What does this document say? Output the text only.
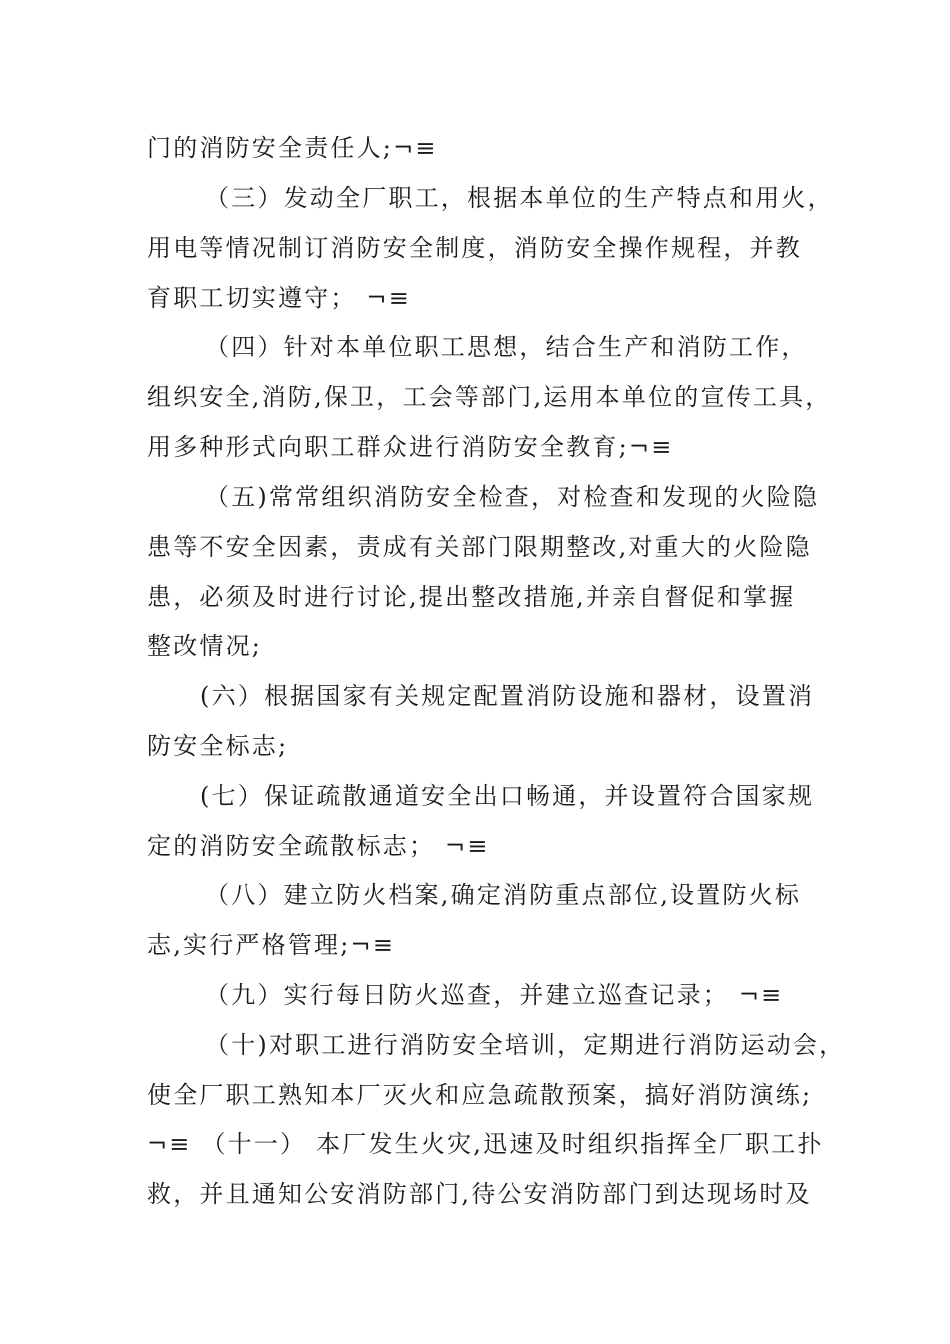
门的消防安全责任人;¬≡
（三）发动全厂职工，根据本单位的生产特点和用火，
用电等情况制订消防安全制度，消防安全操作规程，并教
育职工切实遵守； ¬≡
（四）针对本单位职工思想，结合生产和消防工作，
组织安全,消防,保卫，工会等部门,运用本单位的宣传工具，
用多种形式向职工群众进行消防安全教育;¬≡
（五)常常组织消防安全检查，对检查和发现的火险隐
患等不安全因素，责成有关部门限期整改,对重大的火险隐
患，必须及时进行讨论,提出整改措施,并亲自督促和掌握
整改情况;
(六）根据国家有关规定配置消防设施和器材，设置消
防安全标志;
(七）保证疏散通道安全出口畅通，并设置符合国家规
定的消防安全疏散标志； ¬≡
（八）建立防火档案,确定消防重点部位,设置防火标
志,实行严格管理;¬≡
（九）实行每日防火巡查，并建立巡查记录； ¬≡
（十)对职工进行消防安全培训，定期进行消防运动会，
使全厂职工熟知本厂灭火和应急疏散预案，搞好消防演练;
¬≡ （十一） 本厂发生火灾,迅速及时组织指挥全厂职工扑
救，并且通知公安消防部门,待公安消防部门到达现场时及
